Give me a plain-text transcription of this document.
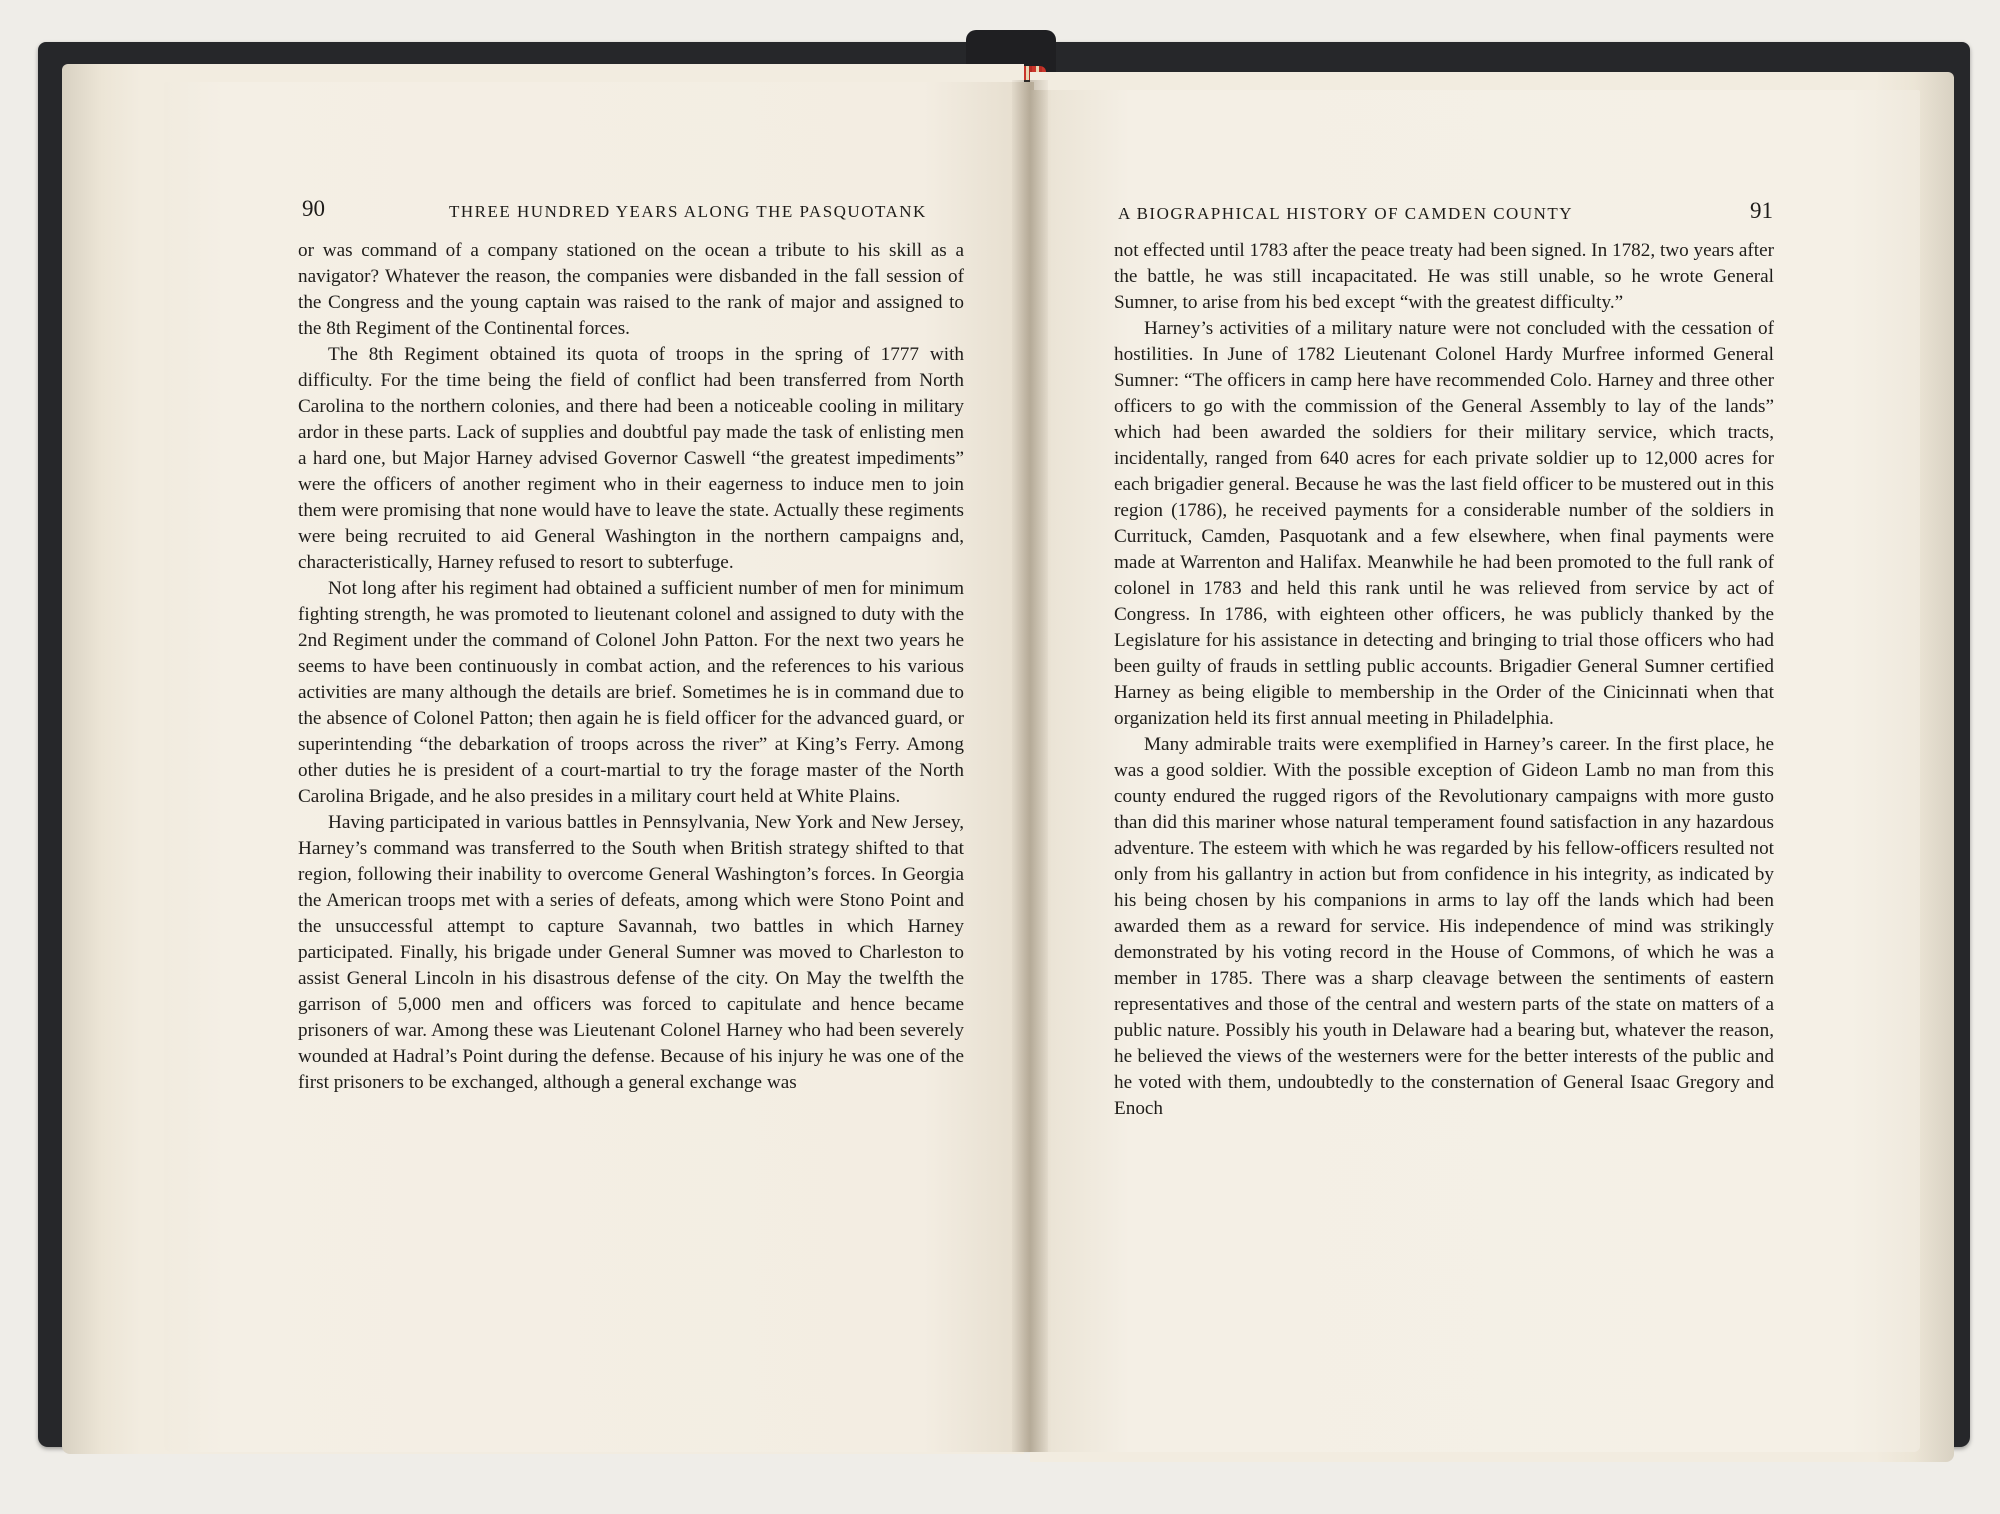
90	THREE HUNDRED YEARS ALONG THE PASQUOTANK

or was command of a company stationed on the ocean a tribute to his skill as a navigator? Whatever the reason, the companies were disbanded in the fall session of the Congress and the young captain was raised to the rank of major and assigned to the 8th Regiment of the Continental forces.

The 8th Regiment obtained its quota of troops in the spring of 1777 with difficulty. For the time being the field of conflict had been transferred from North Carolina to the northern colonies, and there had been a noticeable cooling in military ardor in these parts. Lack of supplies and doubtful pay made the task of enlisting men a hard one, but Major Harney advised Governor Caswell “the greatest impediments” were the officers of another regiment who in their eagerness to induce men to join them were promising that none would have to leave the state. Actually these regiments were being recruited to aid General Washington in the northern campaigns and, characteristically, Harney refused to resort to subterfuge.

Not long after his regiment had obtained a sufficient number of men for minimum fighting strength, he was promoted to lieutenant colonel and assigned to duty with the 2nd Regiment under the command of Colonel John Patton. For the next two years he seems to have been continuously in combat action, and the references to his various activities are many although the details are brief. Sometimes he is in command due to the absence of Colonel Patton; then again he is field officer for the advanced guard, or superintending “the debarkation of troops across the river” at King’s Ferry. Among other duties he is president of a court-martial to try the forage master of the North Carolina Brigade, and he also presides in a military court held at White Plains.

Having participated in various battles in Pennsylvania, New York and New Jersey, Harney’s command was transferred to the South when British strategy shifted to that region, following their inability to overcome General Washington’s forces. In Georgia the American troops met with a series of defeats, among which were Stono Point and the unsuccessful attempt to capture Savannah, two battles in which Harney participated. Finally, his brigade under General Sumner was moved to Charleston to assist General Lincoln in his disastrous defense of the city. On May the twelfth the garrison of 5,000 men and officers was forced to capitulate and hence became prisoners of war. Among these was Lieutenant Colonel Harney who had been severely wounded at Hadral’s Point during the defense. Because of his injury he was one of the first prisoners to be exchanged, although a general exchange was

A BIOGRAPHICAL HISTORY OF CAMDEN COUNTY	91

not effected until 1783 after the peace treaty had been signed. In 1782, two years after the battle, he was still incapacitated. He was still unable, so he wrote General Sumner, to arise from his bed except “with the greatest difficulty.”

Harney’s activities of a military nature were not concluded with the cessation of hostilities. In June of 1782 Lieutenant Colonel Hardy Murfree informed General Sumner: “The officers in camp here have recommended Colo. Harney and three other officers to go with the commission of the General Assembly to lay of the lands” which had been awarded the soldiers for their military service, which tracts, incidentally, ranged from 640 acres for each private soldier up to 12,000 acres for each brigadier general. Because he was the last field officer to be mustered out in this region (1786), he received payments for a considerable number of the soldiers in Currituck, Camden, Pasquotank and a few elsewhere, when final payments were made at Warrenton and Halifax. Meanwhile he had been promoted to the full rank of colonel in 1783 and held this rank until he was relieved from service by act of Congress. In 1786, with eighteen other officers, he was publicly thanked by the Legislature for his assistance in detecting and bringing to trial those officers who had been guilty of frauds in settling public accounts. Brigadier General Sumner certified Harney as being eligible to membership in the Order of the Cinicinnati when that organization held its first annual meeting in Philadelphia.

Many admirable traits were exemplified in Harney’s career. In the first place, he was a good soldier. With the possible exception of Gideon Lamb no man from this county endured the rugged rigors of the Revolutionary campaigns with more gusto than did this mariner whose natural temperament found satisfaction in any hazardous adventure. The esteem with which he was regarded by his fellow-officers resulted not only from his gallantry in action but from confidence in his integrity, as indicated by his being chosen by his companions in arms to lay off the lands which had been awarded them as a reward for service. His independence of mind was strikingly demonstrated by his voting record in the House of Commons, of which he was a member in 1785. There was a sharp cleavage between the sentiments of eastern representatives and those of the central and western parts of the state on matters of a public nature. Possibly his youth in Delaware had a bearing but, whatever the reason, he believed the views of the westerners were for the better interests of the public and he voted with them, undoubtedly to the consternation of General Isaac Gregory and Enoch
